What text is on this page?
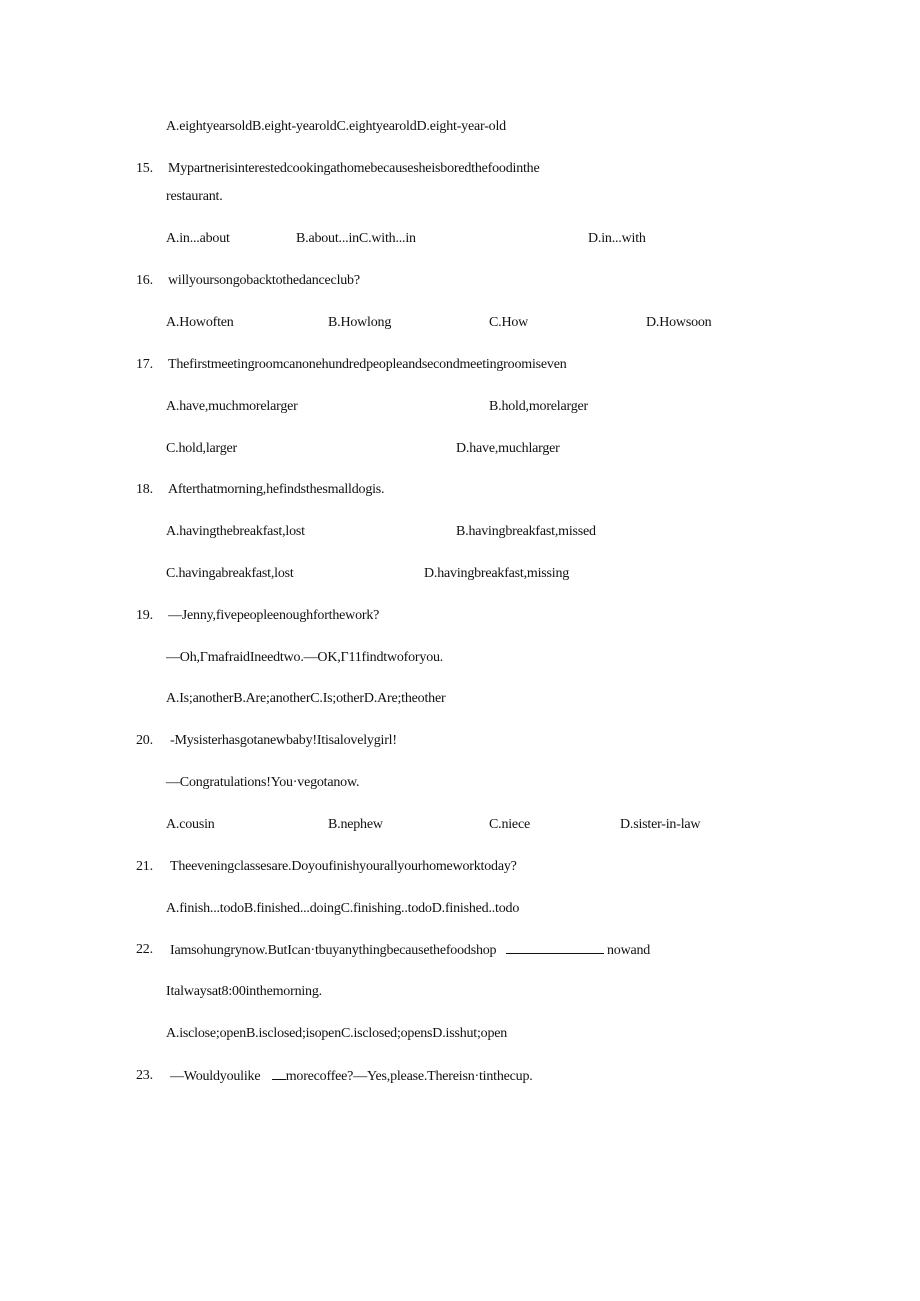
A.eightyearsoldB.eight-yearoldC.eightyearoldD.eight-year-old
15. Mypartnerisinterestedcookingathomebecausesheisboredthefoodinthe
restaurant.
A.in...about	B.about...inC.with...in	D.in...with
16. willyoursongobacktothedanceclub?
A.Howoften	B.Howlong	C.How	D.Howsoon
17. Thefirstmeetingroomcanonehundredpeopleandsecondmeetingroomiseven
A.have,muchmorelarger	B.hold,morelarger
C.hold,larger	D.have,muchlarger
18. Afterthatmorning,hefindsthesmalldogis.
A.havingthebreakfast,lost	B.havingbreakfast,missed
C.havingabreakfast,lost	D.havingbreakfast,missing
19. —Jenny,fivepeopleenoughforthework?
—Oh,ΓmafraidIneedtwo.—OK,Γ11findtwoforyou.
A.Is;anotherB.Are;anotherC.Is;otherD.Are;theother
20. -Mysisterhasgotanewbaby!Itisalovelygirl!
—Congratulations!You·vegotanow.
A.cousin	B.nephew	C.niece	D.sister-in-law
21. Theeveningclassesare.Doyoufinishyourallyourhomeworktoday?
A.finish...todoB.finished...doingC.finishing..todoD.finished..todo
22. Iamsohungrynow.ButIcan·tbuyanythingbecausethefoodshop	nowand
Italwaysat8:00inthemorning.
A.isclose;openB.isclosed;isopenC.isclosed;opensD.isshut;open
23. —Wouldyoulike morecoffee?—Yes,please.Thereisn·tinthecup.
